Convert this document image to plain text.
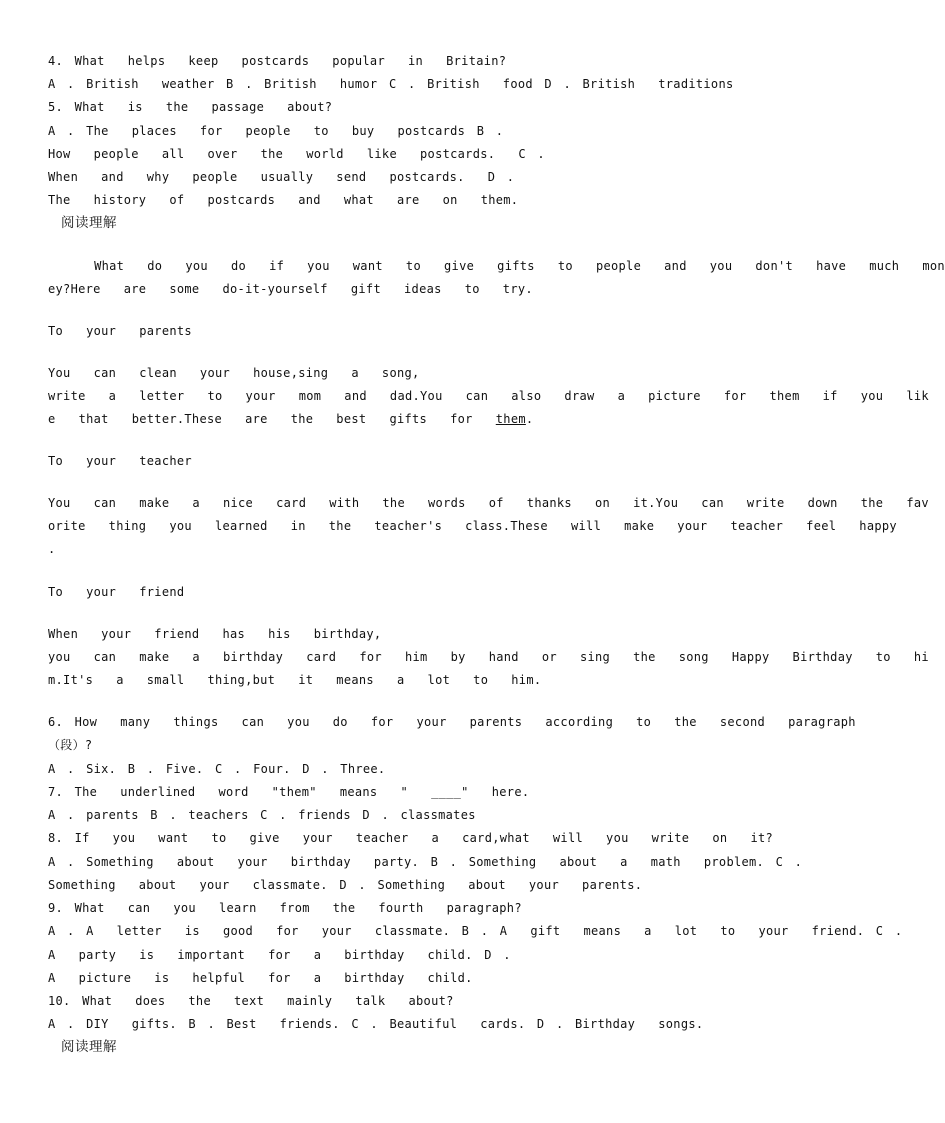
4. What  helps  keep  postcards  popular  in  Britain?
A . British  weather B . British  humor C . British  food D . British  traditions
5. What  is  the  passage  about?
A . The  places  for  people  to  buy  postcards B .
How  people  all  over  the  world  like  postcards.  C .
When  and  why  people  usually  send  postcards.  D .
The  history  of  postcards  and  what  are  on  them.
阅读理解
What  do  you  do  if  you  want  to  give  gifts  to  people  and  you  don't  have  much  mon
ey?Here  are  some  do-it-yourself  gift  ideas  to  try.
To  your  parents
You  can  clean  your  house,sing  a  song,
write  a  letter  to  your  mom  and  dad.You  can  also  draw  a  picture  for  them  if  you  lik
e  that  better.These  are  the  best  gifts  for  them.
To  your  teacher
You  can  make  a  nice  card  with  the  words  of  thanks  on  it.You  can  write  down  the  fav
orite  thing  you  learned  in  the  teacher's  class.These  will  make  your  teacher  feel  happy
.
To  your  friend
When  your  friend  has  his  birthday,
you  can  make  a  birthday  card  for  him  by  hand  or  sing  the  song  Happy  Birthday  to  hi
m.It's  a  small  thing,but  it  means  a  lot  to  him.
6. How  many  things  can  you  do  for  your  parents  according  to  the  second  paragraph
（段）?
A . Six. B . Five. C . Four. D . Three.
7. The  underlined  word  "them"  means  "  ____"  here.
A . parents B . teachers C . friends D . classmates
8. If  you  want  to  give  your  teacher  a  card,what  will  you  write  on  it?
A . Something  about  your  birthday  party. B . Something  about  a  math  problem. C .
Something  about  your  classmate. D . Something  about  your  parents.
9. What  can  you  learn  from  the  fourth  paragraph?
A . A  letter  is  good  for  your  classmate. B . A  gift  means  a  lot  to  your  friend. C .
A  party  is  important  for  a  birthday  child. D .
A  picture  is  helpful  for  a  birthday  child.
10. What  does  the  text  mainly  talk  about?
A . DIY  gifts. B . Best  friends. C . Beautiful  cards. D . Birthday  songs.
阅读理解
